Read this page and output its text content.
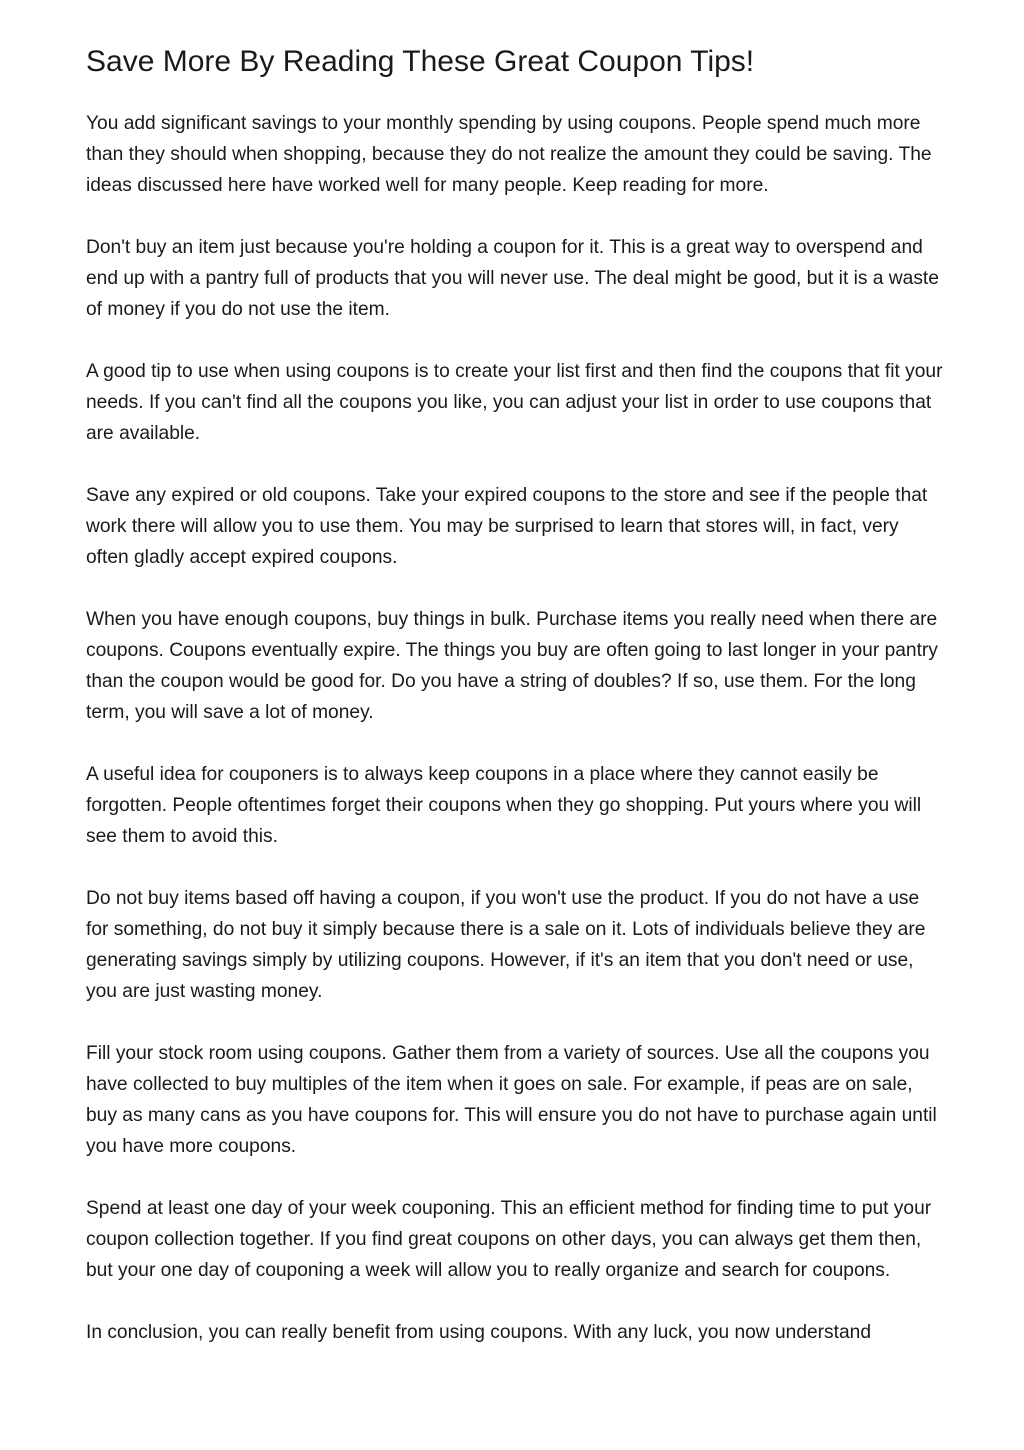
Save More By Reading These Great Coupon Tips!

You add significant savings to your monthly spending by using coupons. People spend much more than they should when shopping, because they do not realize the amount they could be saving. The ideas discussed here have worked well for many people. Keep reading for more.

Don't buy an item just because you're holding a coupon for it. This is a great way to overspend and end up with a pantry full of products that you will never use. The deal might be good, but it is a waste of money if you do not use the item.

A good tip to use when using coupons is to create your list first and then find the coupons that fit your needs. If you can't find all the coupons you like, you can adjust your list in order to use coupons that are available.

Save any expired or old coupons. Take your expired coupons to the store and see if the people that work there will allow you to use them. You may be surprised to learn that stores will, in fact, very often gladly accept expired coupons.

When you have enough coupons, buy things in bulk. Purchase items you really need when there are coupons. Coupons eventually expire. The things you buy are often going to last longer in your pantry than the coupon would be good for. Do you have a string of doubles? If so, use them. For the long term, you will save a lot of money.

A useful idea for couponers is to always keep coupons in a place where they cannot easily be forgotten. People oftentimes forget their coupons when they go shopping. Put yours where you will see them to avoid this.

Do not buy items based off having a coupon, if you won't use the product. If you do not have a use for something, do not buy it simply because there is a sale on it. Lots of individuals believe they are generating savings simply by utilizing coupons. However, if it's an item that you don't need or use, you are just wasting money.

Fill your stock room using coupons. Gather them from a variety of sources. Use all the coupons you have collected to buy multiples of the item when it goes on sale. For example, if peas are on sale, buy as many cans as you have coupons for. This will ensure you do not have to purchase again until you have more coupons.

Spend at least one day of your week couponing. This an efficient method for finding time to put your coupon collection together. If you find great coupons on other days, you can always get them then, but your one day of couponing a week will allow you to really organize and search for coupons.

In conclusion, you can really benefit from using coupons. With any luck, you now understand
